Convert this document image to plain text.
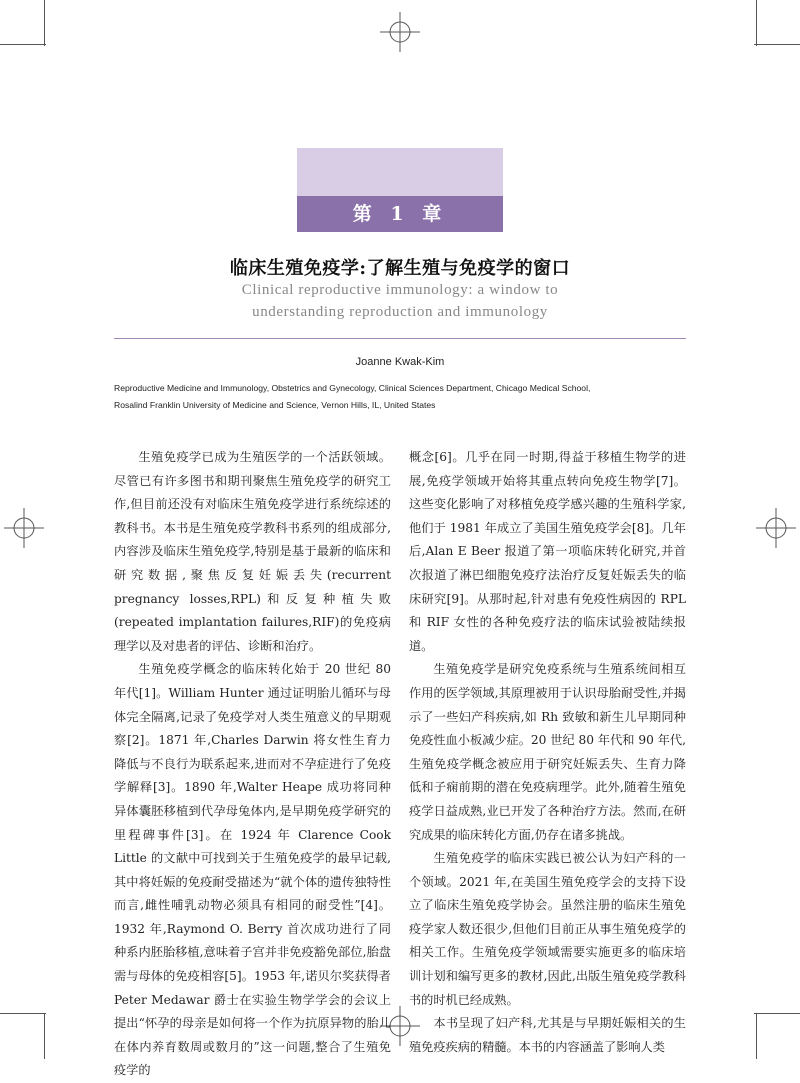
第 1 章
临床生殖免疫学:了解生殖与免疫学的窗口
Clinical reproductive immunology: a window to
understanding reproduction and immunology
Joanne Kwak-Kim
Reproductive Medicine and Immunology, Obstetrics and Gynecology, Clinical Sciences Department, Chicago Medical School,
Rosalind Franklin University of Medicine and Science, Vernon Hills, IL, United States

生殖免疫学已成为生殖医学的一个活跃领域。尽管已有许多图书和期刊聚焦生殖免疫学的研究工作,但目前还没有对临床生殖免疫学进行系统综述的教科书。本书是生殖免疫学教科书系列的组成部分,内容涉及临床生殖免疫学,特别是基于最新的临床和研究数据,聚焦反复妊娠丢失(recurrent pregnancy losses,RPL)和反复种植失败(repeated implantation failures,RIF)的免疫病理学以及对患者的评估、诊断和治疗。

生殖免疫学概念的临床转化始于 20 世纪 80 年代[1]。William Hunter 通过证明胎儿循环与母体完全隔离,记录了免疫学对人类生殖意义的早期观察[2]。1871 年,Charles Darwin 将女性生育力降低与不良行为联系起来,进而对不孕症进行了免疫学解释[3]。1890 年,Walter Heape 成功将同种异体囊胚移植到代孕母兔体内,是早期免疫学研究的里程碑事件[3]。在 1924 年 Clarence Cook Little 的文献中可找到关于生殖免疫学的最早记载,其中将妊娠的免疫耐受描述为“就个体的遗传独特性而言,雌性哺乳动物必须具有相同的耐受性”[4]。1932 年,Raymond O. Berry 首次成功进行了同种系内胚胎移植,意味着子宫并非免疫豁免部位,胎盘需与母体的免疫相容[5]。1953 年,诺贝尔奖获得者 Peter Medawar 爵士在实验生物学学会的会议上提出“怀孕的母亲是如何将一个作为抗原异物的胎儿在体内养育数周或数月的”这一问题,整合了生殖免疫学的

概念[6]。几乎在同一时期,得益于移植生物学的进展,免疫学领域开始将其重点转向免疫生物学[7]。这些变化影响了对移植免疫学感兴趣的生殖科学家,他们于 1981 年成立了美国生殖免疫学会[8]。几年后,Alan E Beer 报道了第一项临床转化研究,并首次报道了淋巴细胞免疫疗法治疗反复妊娠丢失的临床研究[9]。从那时起,针对患有免疫性病因的 RPL 和 RIF 女性的各种免疫疗法的临床试验被陆续报道。

生殖免疫学是研究免疫系统与生殖系统间相互作用的医学领域,其原理被用于认识母胎耐受性,并揭示了一些妇产科疾病,如 Rh 致敏和新生儿早期同种免疫性血小板减少症。20 世纪 80 年代和 90 年代,生殖免疫学概念被应用于研究妊娠丢失、生育力降低和子痫前期的潜在免疫病理学。此外,随着生殖免疫学日益成熟,业已开发了各种治疗方法。然而,在研究成果的临床转化方面,仍存在诸多挑战。

生殖免疫学的临床实践已被公认为妇产科的一个领域。2021 年,在美国生殖免疫学会的支持下设立了临床生殖免疫学协会。虽然注册的临床生殖免疫学家人数还很少,但他们目前正从事生殖免疫学的相关工作。生殖免疫学领域需要实施更多的临床培训计划和编写更多的教材,因此,出版生殖免疫学教科书的时机已经成熟。

本书呈现了妇产科,尤其是与早期妊娠相关的生殖免疫疾病的精髓。本书的内容涵盖了影响人类
